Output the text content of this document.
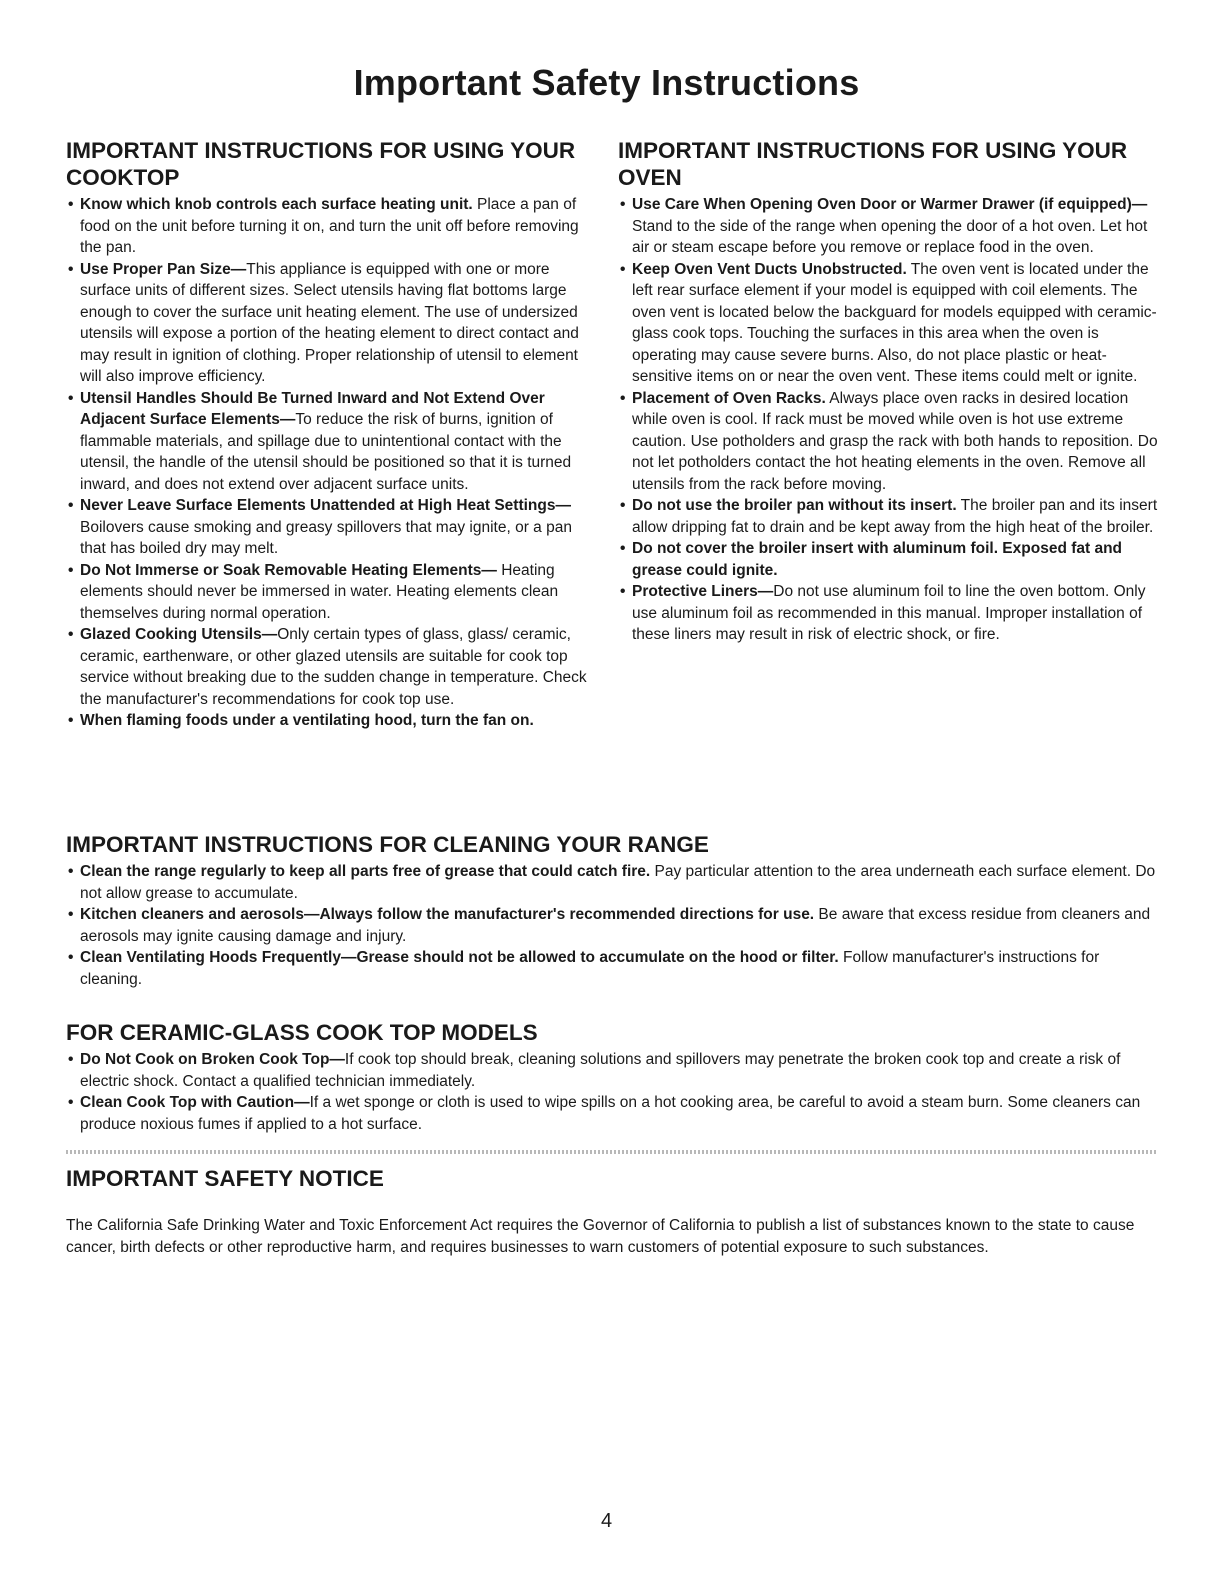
Important Safety Instructions
IMPORTANT INSTRUCTIONS FOR USING YOUR COOKTOP
• Know which knob controls each surface heating unit. Place a pan of food on the unit before turning it on, and turn the unit off before removing the pan.
• Use Proper Pan Size—This appliance is equipped with one or more surface units of different sizes. Select utensils having flat bottoms large enough to cover the surface unit heating element. The use of undersized utensils will expose a portion of the heating element to direct contact and may result in ignition of clothing. Proper relationship of utensil to element will also improve efficiency.
• Utensil Handles Should Be Turned Inward and Not Extend Over Adjacent Surface Elements—To reduce the risk of burns, ignition of flammable materials, and spillage due to unintentional contact with the utensil, the handle of the utensil should be positioned so that it is turned inward, and does not extend over adjacent surface units.
• Never Leave Surface Elements Unattended at High Heat Settings—Boilovers cause smoking and greasy spillovers that may ignite, or a pan that has boiled dry may melt.
• Do Not Immerse or Soak Removable Heating Elements— Heating elements should never be immersed in water. Heating elements clean themselves during normal operation.
• Glazed Cooking Utensils—Only certain types of glass, glass/ ceramic, ceramic, earthenware, or other glazed utensils are suitable for cook top service without breaking due to the sudden change in temperature. Check the manufacturer's recommendations for cook top use.
• When flaming foods under a ventilating hood, turn the fan on.
IMPORTANT INSTRUCTIONS FOR USING YOUR OVEN
• Use Care When Opening Oven Door or Warmer Drawer (if equipped)—Stand to the side of the range when opening the door of a hot oven. Let hot air or steam escape before you remove or replace food in the oven.
• Keep Oven Vent Ducts Unobstructed. The oven vent is located under the left rear surface element if your model is equipped with coil elements. The oven vent is located below the backguard for models equipped with ceramic-glass cook tops. Touching the surfaces in this area when the oven is operating may cause severe burns. Also, do not place plastic or heat-sensitive items on or near the oven vent. These items could melt or ignite.
• Placement of Oven Racks. Always place oven racks in desired location while oven is cool. If rack must be moved while oven is hot use extreme caution. Use potholders and grasp the rack with both hands to reposition. Do not let potholders contact the hot heating elements in the oven. Remove all utensils from the rack before moving.
• Do not use the broiler pan without its insert. The broiler pan and its insert allow dripping fat to drain and be kept away from the high heat of the broiler.
• Do not cover the broiler insert with aluminum foil. Exposed fat and grease could ignite.
• Protective Liners—Do not use aluminum foil to line the oven bottom. Only use aluminum foil as recommended in this manual. Improper installation of these liners may result in risk of electric shock, or fire.
IMPORTANT INSTRUCTIONS FOR CLEANING YOUR RANGE
• Clean the range regularly to keep all parts free of grease that could catch fire. Pay particular attention to the area underneath each surface element. Do not allow grease to accumulate.
• Kitchen cleaners and aerosols—Always follow the manufacturer's recommended directions for use. Be aware that excess residue from cleaners and aerosols may ignite causing damage and injury.
• Clean Ventilating Hoods Frequently—Grease should not be allowed to accumulate on the hood or filter. Follow manufacturer's instructions for cleaning.
FOR CERAMIC-GLASS COOK TOP MODELS
• Do Not Cook on Broken Cook Top—If cook top should break, cleaning solutions and spillovers may penetrate the broken cook top and create a risk of electric shock. Contact a qualified technician immediately.
• Clean Cook Top with Caution—If a wet sponge or cloth is used to wipe spills on a hot cooking area, be careful to avoid a steam burn. Some cleaners can produce noxious fumes if applied to a hot surface.
IMPORTANT SAFETY NOTICE
The California Safe Drinking Water and Toxic Enforcement Act requires the Governor of California to publish a list of substances known to the state to cause cancer, birth defects or other reproductive harm, and requires businesses to warn customers of potential exposure to such substances.
4
